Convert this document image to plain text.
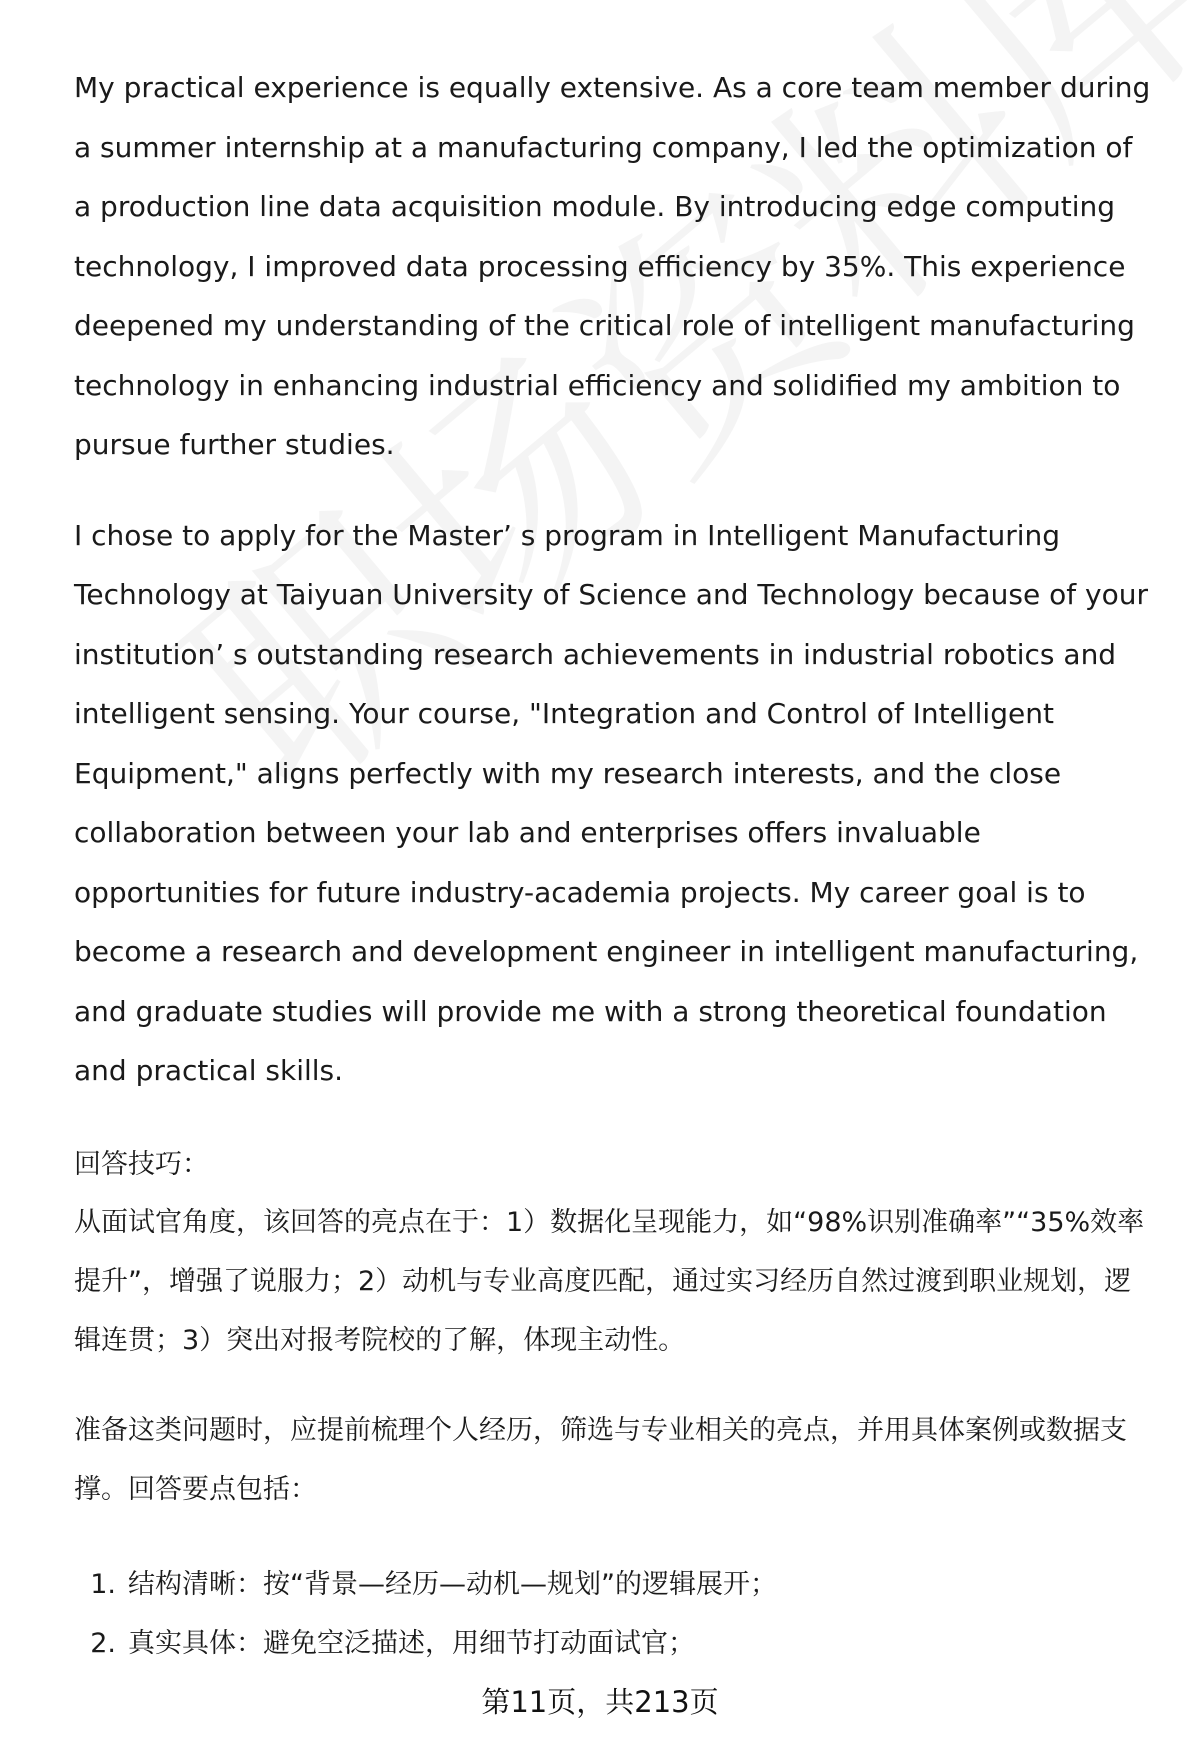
My practical experience is equally extensive. As a core team member during a summer internship at a manufacturing company, I led the optimization of a production line data acquisition module. By introducing edge computing technology, I improved data processing efficiency by 35%. This experience deepened my understanding of the critical role of intelligent manufacturing technology in enhancing industrial efficiency and solidified my ambition to pursue further studies.

I chose to apply for the Master’ s program in Intelligent Manufacturing Technology at Taiyuan University of Science and Technology because of your institution’ s outstanding research achievements in industrial robotics and intelligent sensing. Your course, "Integration and Control of Intelligent Equipment," aligns perfectly with my research interests, and the close collaboration between your lab and enterprises offers invaluable opportunities for future industry-academia projects. My career goal is to become a research and development engineer in intelligent manufacturing, and graduate studies will provide me with a strong theoretical foundation and practical skills.

回答技巧：

从面试官角度，该回答的亮点在于：1）数据化呈现能力，如“98%识别准确率”“35%效率提升”，增强了说服力；2）动机与专业高度匹配，通过实习经历自然过渡到职业规划，逻辑连贯；3）突出对报考院校的了解，体现主动性。

准备这类问题时，应提前梳理个人经历，筛选与专业相关的亮点，并用具体案例或数据支撑。回答要点包括：

1. 结构清晰：按“背景—经历—动机—规划”的逻辑展开；
2. 真实具体：避免空泛描述，用细节打动面试官；
第11页，共213页
